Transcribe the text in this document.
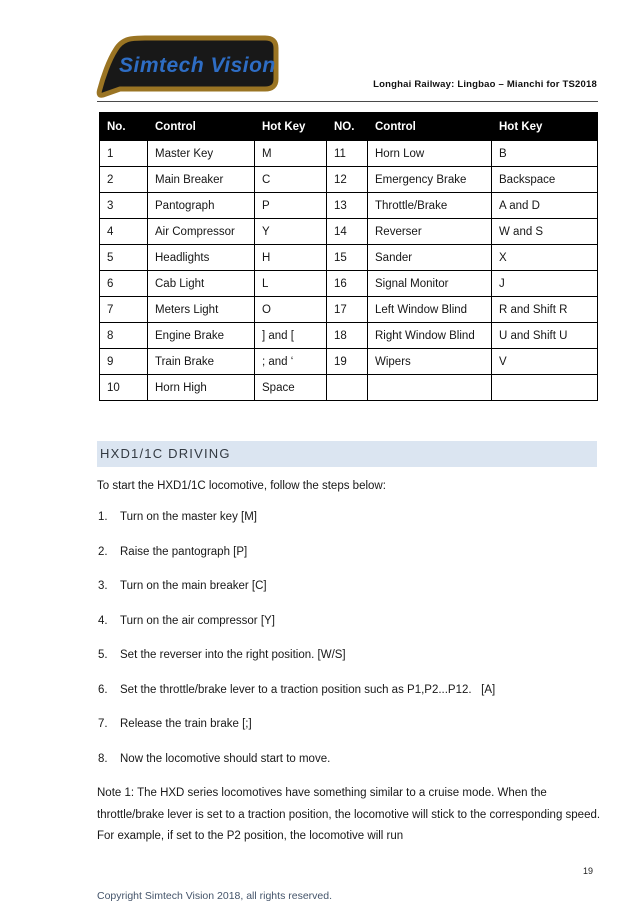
Simtech Vision
Longhai Railway: Lingbao – Mianchi for TS2018
No.	Control	Hot Key	NO.	Control	Hot Key
1	Master Key	M	11	Horn Low	B
2	Main Breaker	C	12	Emergency Brake	Backspace
3	Pantograph	P	13	Throttle/Brake	A and D
4	Air Compressor	Y	14	Reverser	W and S
5	Headlights	H	15	Sander	X
6	Cab Light	L	16	Signal Monitor	J
7	Meters Light	O	17	Left Window Blind	R and Shift R
8	Engine Brake	] and [	18	Right Window Blind	U and Shift U
9	Train Brake	; and ‘	19	Wipers	V
10	Horn High	Space			
HXD1/1C DRIVING
To start the HXD1/1C locomotive, follow the steps below:
1.	Turn on the master key [M]
2.	Raise the pantograph [P]
3.	Turn on the main breaker [C]
4.	Turn on the air compressor [Y]
5.	Set the reverser into the right position. [W/S]
6.	Set the throttle/brake lever to a traction position such as P1,P2...P12.   [A]
7.	Release the train brake [;]
8.	Now the locomotive should start to move.
Note 1: The HXD series locomotives have something similar to a cruise mode. When the throttle/brake lever is set to a traction position, the locomotive will stick to the corresponding speed. For example, if set to the P2 position, the locomotive will run
19
Copyright Simtech Vision 2018, all rights reserved.
